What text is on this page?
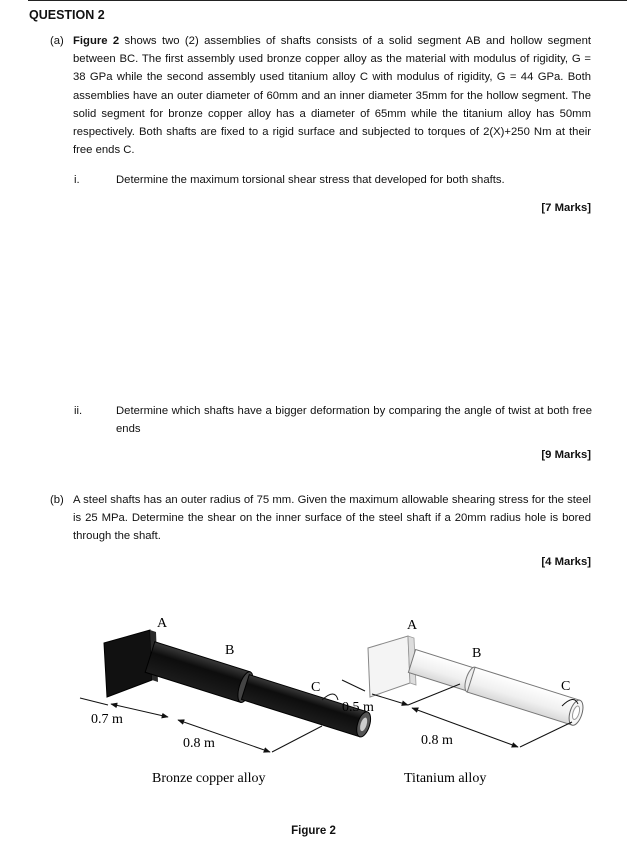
QUESTION 2
(a) Figure 2 shows two (2) assemblies of shafts consists of a solid segment AB and hollow segment between BC. The first assembly used bronze copper alloy as the material with modulus of rigidity, G = 38 GPa while the second assembly used titanium alloy C with modulus of rigidity, G = 44 GPa. Both assemblies have an outer diameter of 60mm and an inner diameter 35mm for the hollow segment. The solid segment for bronze copper alloy has a diameter of 65mm while the titanium alloy has 50mm respectively. Both shafts are fixed to a rigid surface and subjected to torques of 2(X)+250 Nm at their free ends C.
i.	Determine the maximum torsional shear stress that developed for both shafts.
[7 Marks]
ii.	Determine which shafts have a bigger deformation by comparing the angle of twist at both free ends
[9 Marks]
(b) A steel shafts has an outer radius of 75 mm. Given the maximum allowable shearing stress for the steel is 25 MPa. Determine the shear on the inner surface of the steel shaft if a 20mm radius hole is bored through the shaft.
[4 Marks]
A
B
C
0.7 m
0.8 m
Bronze copper alloy
A
B
C
0.5 m
0.8 m
Titanium alloy
Figure 2
